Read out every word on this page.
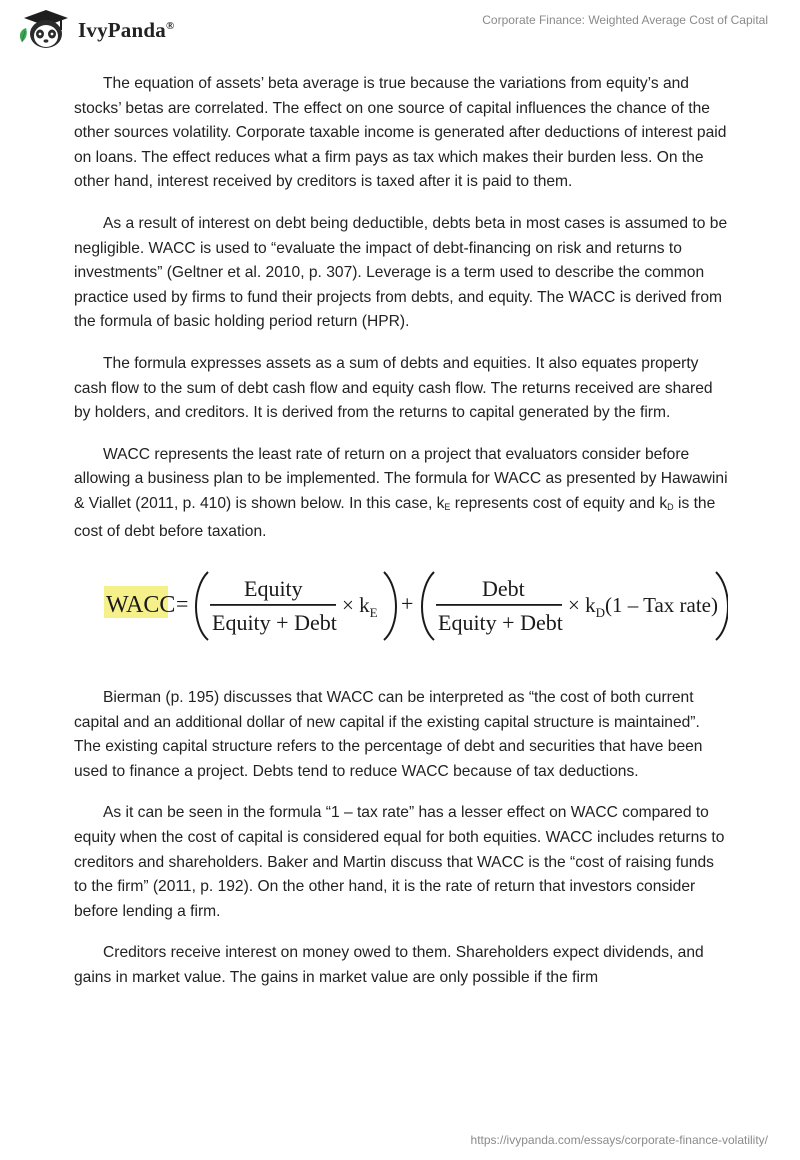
IvyPanda®	Corporate Finance: Weighted Average Cost of Capital

The equation of assets’ beta average is true because the variations from equity’s and stocks’ betas are correlated. The effect on one source of capital influences the chance of the other sources volatility. Corporate taxable income is generated after deductions of interest paid on loans. The effect reduces what a firm pays as tax which makes their burden less. On the other hand, interest received by creditors is taxed after it is paid to them.

As a result of interest on debt being deductible, debts beta in most cases is assumed to be negligible. WACC is used to “evaluate the impact of debt-financing on risk and returns to investments” (Geltner et al. 2010, p. 307). Leverage is a term used to describe the common practice used by firms to fund their projects from debts, and equity. The WACC is derived from the formula of basic holding period return (HPR).

The formula expresses assets as a sum of debts and equities. It also equates property cash flow to the sum of debt cash flow and equity cash flow. The returns received are shared by holders, and creditors. It is derived from the returns to capital generated by the firm.

WACC represents the least rate of return on a project that evaluators consider before allowing a business plan to be implemented. The formula for WACC as presented by Hawawini & Viallet (2011, p. 410) is shown below. In this case, $k_E$ represents cost of equity and $k_D$ is the cost of debt before taxation.

WACC =
Equity
Equity + Debt
× $k_E$ +
Debt
Equity + Debt
× $k_D(1$ – Tax rate)

Bierman (p. 195) discusses that WACC can be interpreted as “the cost of both current capital and an additional dollar of new capital if the existing capital structure is maintained”. The existing capital structure refers to the percentage of debt and securities that have been used to finance a project. Debts tend to reduce WACC because of tax deductions.

As it can be seen in the formula “1 – tax rate” has a lesser effect on WACC compared to equity when the cost of capital is considered equal for both equities. WACC includes returns to creditors and shareholders. Baker and Martin discuss that WACC is the “cost of raising funds to the firm” (2011, p. 192). On the other hand, it is the rate of return that investors consider before lending a firm.

Creditors receive interest on money owed to them. Shareholders expect dividends, and gains in market value. The gains in market value are only possible if the firm

https://ivypanda.com/essays/corporate-finance-volatility/
